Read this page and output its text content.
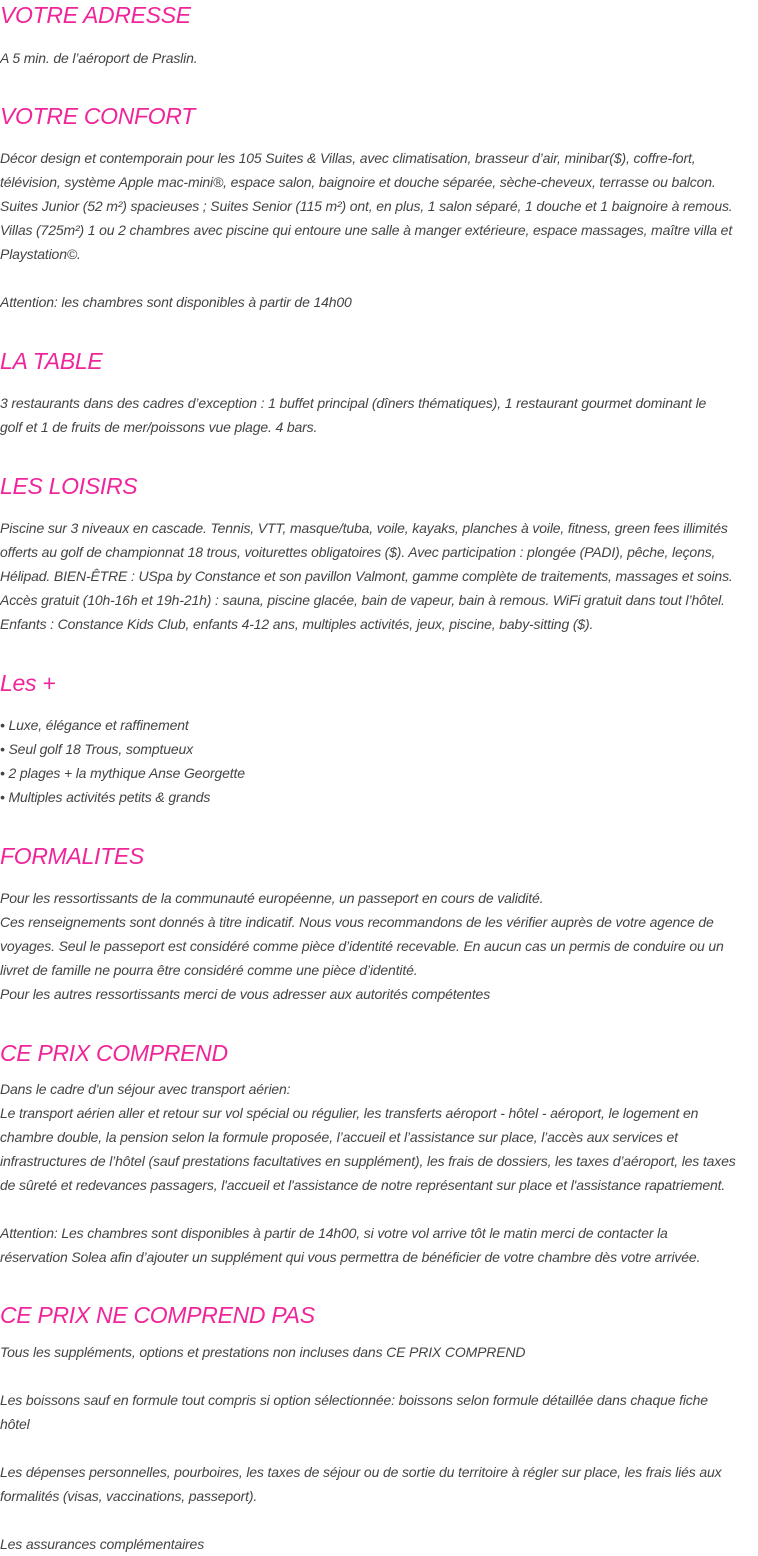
VOTRE ADRESSE
A 5 min. de l’aéroport de Praslin.
VOTRE CONFORT
Décor design et contemporain pour les 105 Suites & Villas, avec climatisation, brasseur d’air, minibar($), coffre-fort,
télévision, système Apple mac-mini®, espace salon, baignoire et douche séparée, sèche-cheveux, terrasse ou balcon.
Suites Junior (52 m²) spacieuses ; Suites Senior (115 m²) ont, en plus, 1 salon séparé, 1 douche et 1 baignoire à remous.
Villas (725m²) 1 ou 2 chambres avec piscine qui entoure une salle à manger extérieure, espace massages, maître villa et
Playstation©.
Attention: les chambres sont disponibles à partir de 14h00
LA TABLE
3 restaurants dans des cadres d’exception : 1 buffet principal (dîners thématiques), 1 restaurant gourmet dominant le
golf et 1 de fruits de mer/poissons vue plage. 4 bars.
LES LOISIRS
Piscine sur 3 niveaux en cascade. Tennis, VTT, masque/tuba, voile, kayaks, planches à voile, fitness, green fees illimités
offerts au golf de championnat 18 trous, voiturettes obligatoires ($). Avec participation : plongée (PADI), pêche, leçons,
Hélipad. BIEN-ÊTRE : USpa by Constance et son pavillon Valmont, gamme complète de traitements, massages et soins.
Accès gratuit (10h-16h et 19h-21h) : sauna, piscine glacée, bain de vapeur, bain à remous. WiFi gratuit dans tout l’hôtel.
Enfants : Constance Kids Club, enfants 4-12 ans, multiples activités, jeux, piscine, baby-sitting ($).
Les +
• Luxe, élégance et raffinement
• Seul golf 18 Trous, somptueux
• 2 plages + la mythique Anse Georgette
• Multiples activités petits & grands
FORMALITES
Pour les ressortissants de la communauté européenne, un passeport en cours de validité.
Ces renseignements sont donnés à titre indicatif. Nous vous recommandons de les vérifier auprès de votre agence de
voyages. Seul le passeport est considéré comme pièce d’identité recevable. En aucun cas un permis de conduire ou un
livret de famille ne pourra être considéré comme une pièce d’identité.
Pour les autres ressortissants merci de vous adresser aux autorités compétentes
CE PRIX COMPREND
Dans le cadre d'un séjour avec transport aérien:
Le transport aérien aller et retour sur vol spécial ou régulier, les transferts aéroport - hôtel - aéroport, le logement en
chambre double, la pension selon la formule proposée, l’accueil et l’assistance sur place, l’accès aux services et
infrastructures de l’hôtel (sauf prestations facultatives en supplément), les frais de dossiers, les taxes d’aéroport, les taxes
de sûreté et redevances passagers, l'accueil et l'assistance de notre représentant sur place et l'assistance rapatriement.
Attention: Les chambres sont disponibles à partir de 14h00, si votre vol arrive tôt le matin merci de contacter la
réservation Solea afin d’ajouter un supplément qui vous permettra de bénéficier de votre chambre dès votre arrivée.
CE PRIX NE COMPREND PAS
Tous les suppléments, options et prestations non incluses dans CE PRIX COMPREND
Les boissons sauf en formule tout compris si option sélectionnée: boissons selon formule détaillée dans chaque fiche
hôtel
Les dépenses personnelles, pourboires, les taxes de séjour ou de sortie du territoire à régler sur place, les frais liés aux
formalités (visas, vaccinations, passeport).
Les assurances complémentaires
